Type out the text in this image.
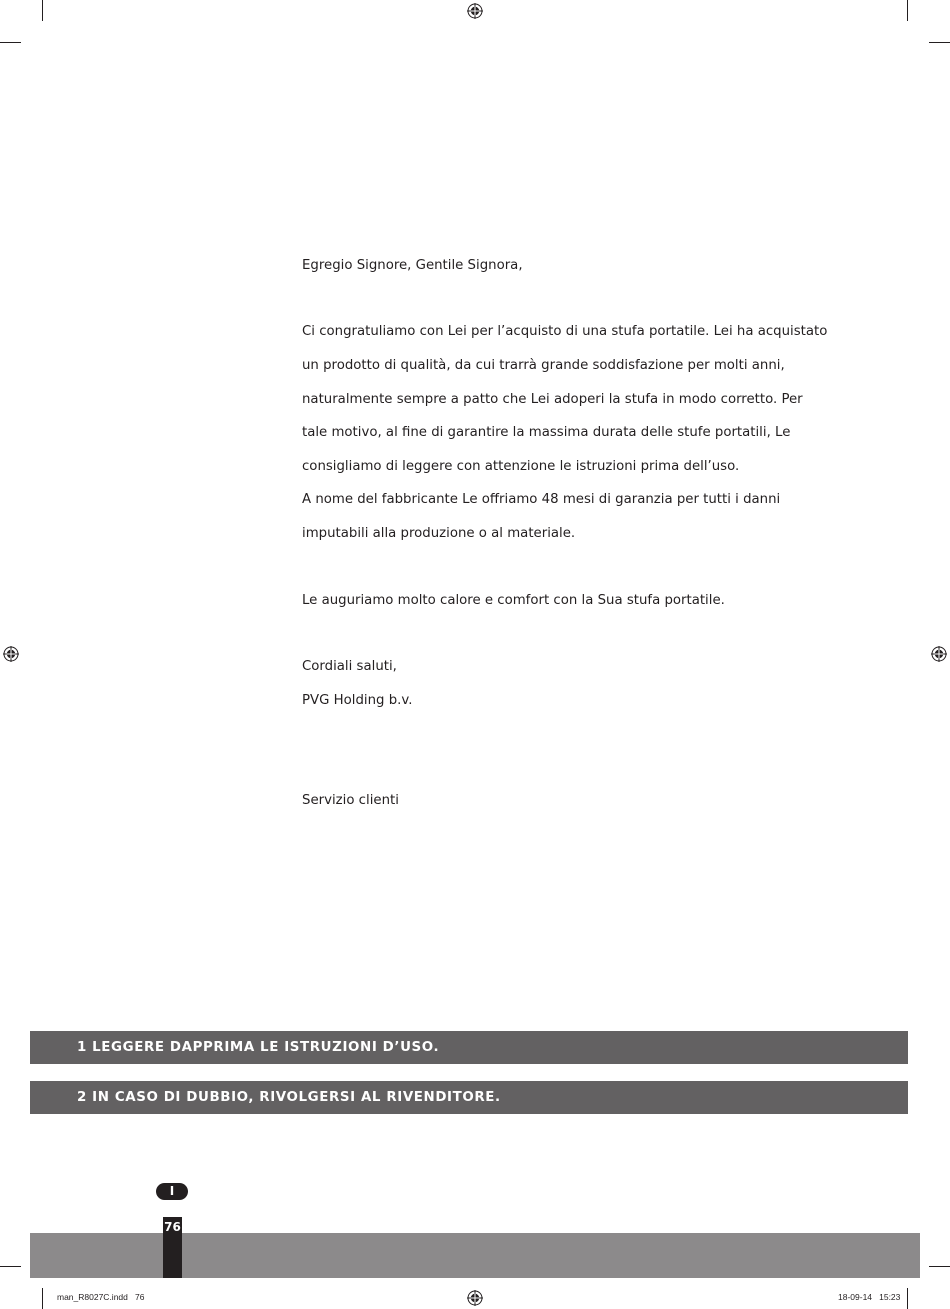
Egregio Signore, Gentile Signora,
Ci congratuliamo con Lei per l’acquisto di una stufa portatile. Lei ha acquistato
un prodotto di qualità, da cui trarrà grande soddisfazione per molti anni,
naturalmente sempre a patto che Lei adoperi la stufa in modo corretto. Per
tale motivo, al fine di garantire la massima durata delle stufe portatili, Le
consigliamo di leggere con attenzione le istruzioni prima dell’uso.
A nome del fabbricante Le offriamo 48 mesi di garanzia per tutti i danni
imputabili alla produzione o al materiale.
Le auguriamo molto calore e comfort con la Sua stufa portatile.
Cordiali saluti,
PVG Holding b.v.
Servizio clienti
1 LEGGERE DAPPRIMA LE ISTRUZIONI D’USO.
2 IN CASO DI DUBBIO, RIVOLGERSI AL RIVENDITORE.
I
76
man_R8027C.indd   76	18-09-14   15:23
